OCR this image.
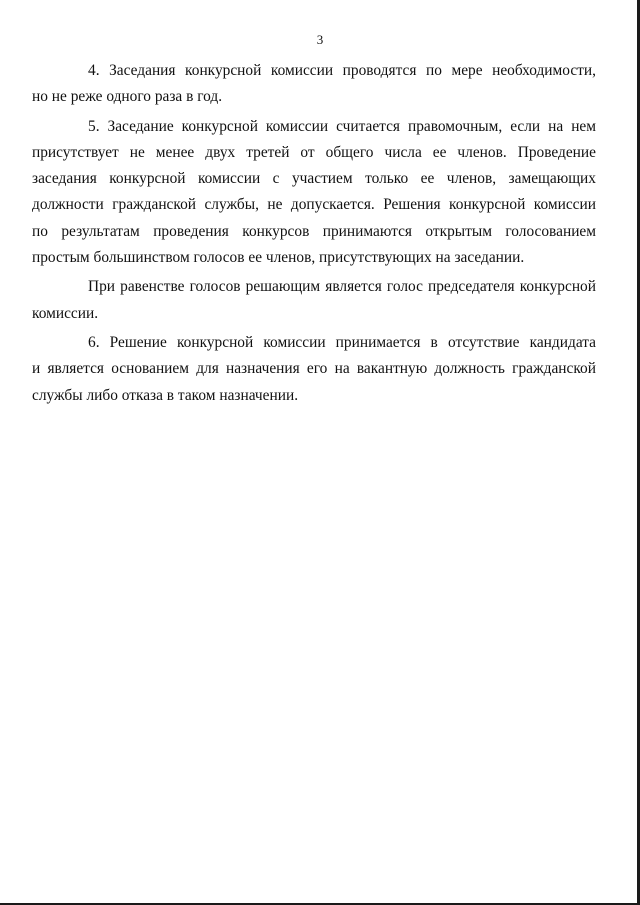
3
4. Заседания конкурсной комиссии проводятся по мере необходимости,
но не реже одного раза в год.
5. Заседание конкурсной комиссии считается правомочным, если на нем
присутствует не менее двух третей от общего числа ее членов. Проведение
заседания конкурсной комиссии с участием только ее членов, замещающих
должности гражданской службы, не допускается. Решения конкурсной комиссии
по результатам проведения конкурсов принимаются открытым голосованием
простым большинством голосов ее членов, присутствующих на заседании.
При равенстве голосов решающим является голос председателя конкурсной
комиссии.
6. Решение конкурсной комиссии принимается в отсутствие кандидата
и является основанием для назначения его на вакантную должность гражданской
службы либо отказа в таком назначении.
